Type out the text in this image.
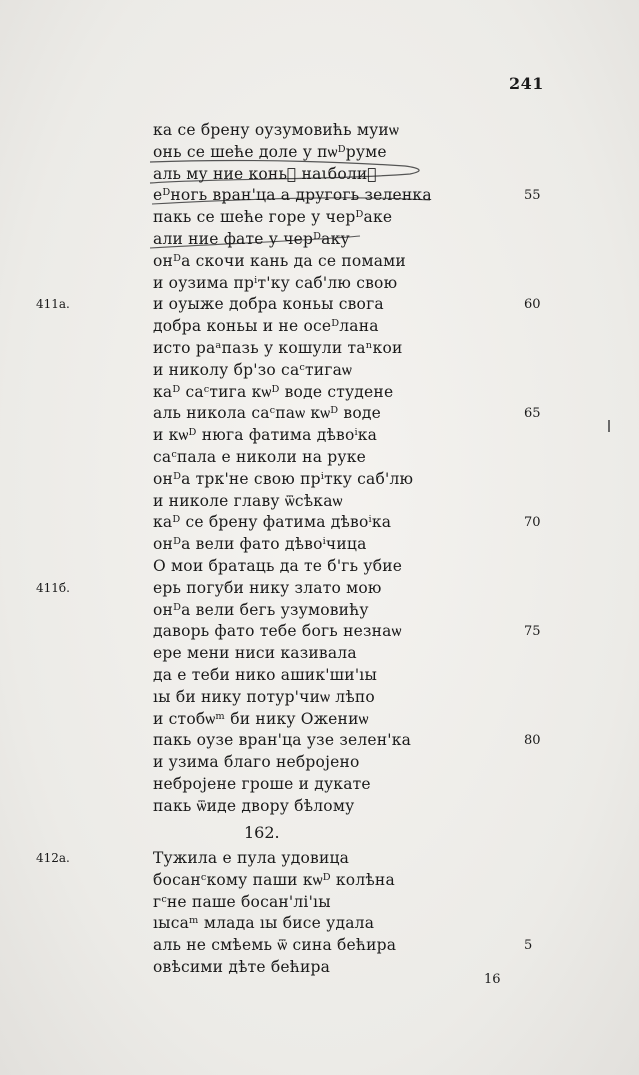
241
ка се брену оузумовићь муиѡ
онь се шеће доле у пѡᴰруме
аль му ние коньⷯ наꙇболиⷯ
еᴰногь вран'ца а другогь зеленка	55
пакь се шеће горе у черᴰаке
али ние фате у черᴰаку
онᴰа скочи кань да се помами
и оузима прⁱт'ку саб'лю свою
и оуыже добра коньы свога	60
411а.
добра коньы и не осеᴰлана
исто раᵃпазь у кошули таⁿкои
и николу бр'зо саᶜтигаѡ
каᴰ саᶜтига кѡᴰ воде студене
аль никола саᶜпаѡ кѡᴰ воде	65
и кѡᴰ нюга фатима дѣвоⁱка
саᶜпала е николи на руке
онᴰа трк'не свою прⁱтку саб'лю
и николе главу ѿсѣкаѡ
каᴰ се брену фатима дѣвоⁱка	70
онᴰа вели фато дѣвоⁱчица
О мои братаць да те б'гь убие
ерь погуби нику злато мою
411б.
онᴰа вели бегь узумовићу
даворь фато тебе богь незнаѡ	75
ере мени ниси казивала
да е теби нико ашик'ши'ıы
ıы би нику потур'чиѡ лѣпо
и стобѡᵐ би нику Ожениѡ
пакь оузе вран'ца узе зелен'ка	80
и узима благо небројено
небројене гроше и дукате
пакь ѿиде двору бѣлому
162.
Тужила е пула удовица
412а.
босанᶜкому паши кѡᴰ колѣна
гᶜне паше босан'лі'ıы
ıысаᵐ млада ıы бисе удала
аль не смѣемь ѿ сина бећира	5
овѣсими дѣте бећира
16
